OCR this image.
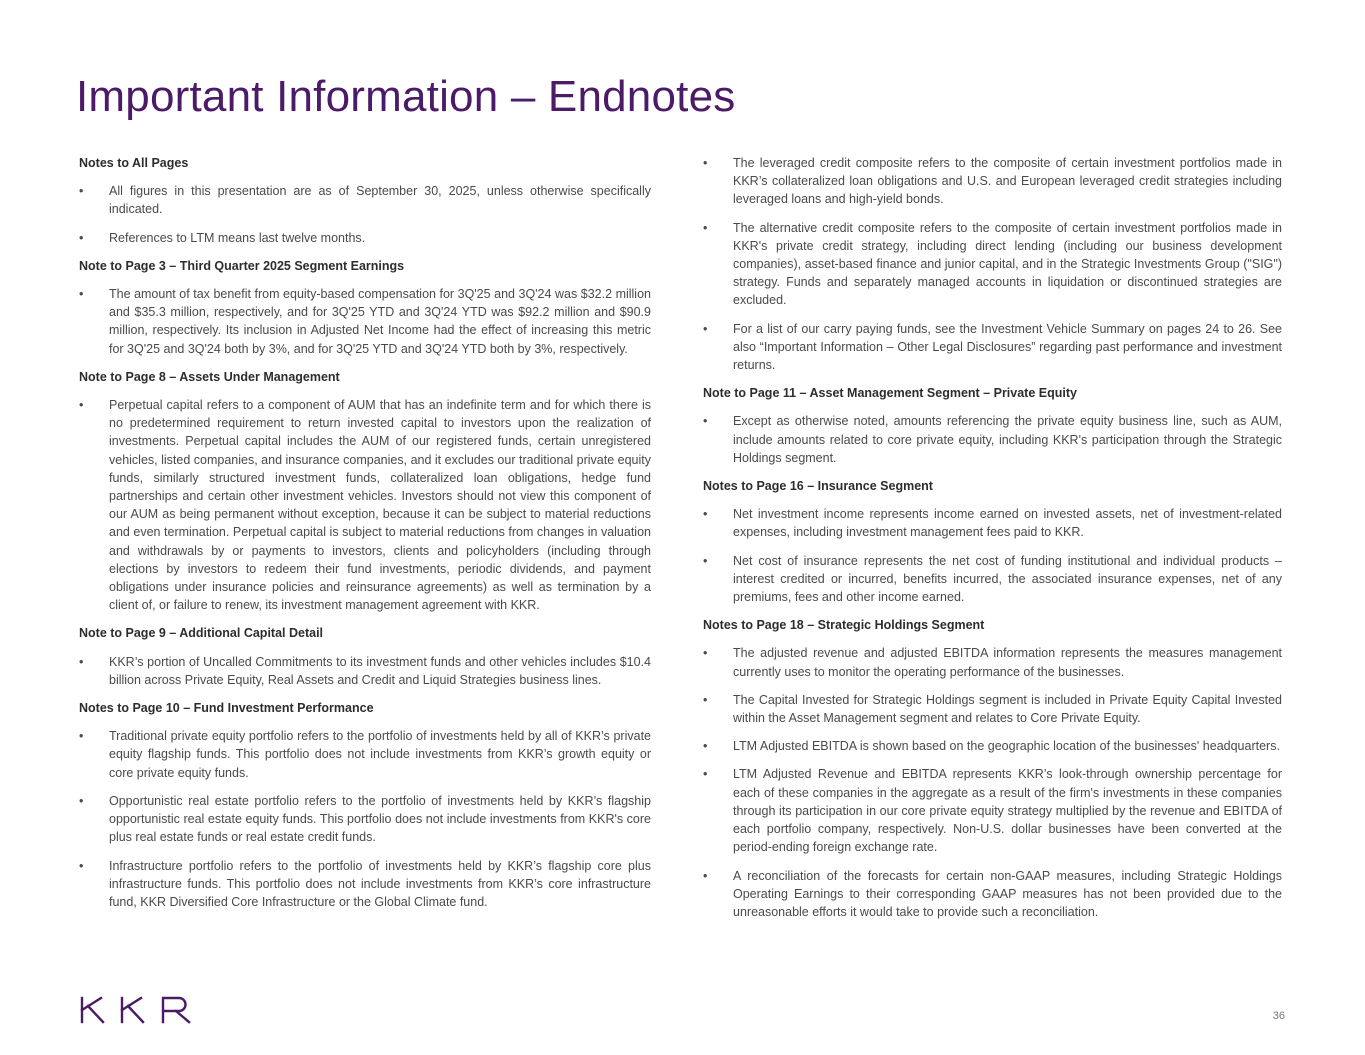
Important Information – Endnotes
Notes to All Pages
•	All figures in this presentation are as of September 30, 2025, unless otherwise specifically indicated.
•	References to LTM means last twelve months.
Note to Page 3 – Third Quarter 2025 Segment Earnings
•	The amount of tax benefit from equity-based compensation for 3Q'25 and 3Q'24 was $32.2 million and $35.3 million, respectively, and for 3Q'25 YTD and 3Q'24 YTD was $92.2 million and $90.9 million, respectively. Its inclusion in Adjusted Net Income had the effect of increasing this metric for 3Q'25 and 3Q'24 both by 3%, and for 3Q'25 YTD and 3Q'24 YTD both by 3%, respectively.
Note to Page 8 – Assets Under Management
•	Perpetual capital refers to a component of AUM that has an indefinite term and for which there is no predetermined requirement to return invested capital to investors upon the realization of investments. Perpetual capital includes the AUM of our registered funds, certain unregistered vehicles, listed companies, and insurance companies, and it excludes our traditional private equity funds, similarly structured investment funds, collateralized loan obligations, hedge fund partnerships and certain other investment vehicles. Investors should not view this component of our AUM as being permanent without exception, because it can be subject to material reductions and even termination. Perpetual capital is subject to material reductions from changes in valuation and withdrawals by or payments to investors, clients and policyholders (including through elections by investors to redeem their fund investments, periodic dividends, and payment obligations under insurance policies and reinsurance agreements) as well as termination by a client of, or failure to renew, its investment management agreement with KKR.
Note to Page 9 – Additional Capital Detail
•	KKR’s portion of Uncalled Commitments to its investment funds and other vehicles includes $10.4 billion across Private Equity, Real Assets and Credit and Liquid Strategies business lines.
Notes to Page 10 – Fund Investment Performance
•	Traditional private equity portfolio refers to the portfolio of investments held by all of KKR’s private equity flagship funds. This portfolio does not include investments from KKR’s growth equity or core private equity funds.
•	Opportunistic real estate portfolio refers to the portfolio of investments held by KKR’s flagship opportunistic real estate equity funds. This portfolio does not include investments from KKR's core plus real estate funds or real estate credit funds.
•	Infrastructure portfolio refers to the portfolio of investments held by KKR’s flagship core plus infrastructure funds. This portfolio does not include investments from KKR’s core infrastructure fund, KKR Diversified Core Infrastructure or the Global Climate fund.
•	The leveraged credit composite refers to the composite of certain investment portfolios made in KKR’s collateralized loan obligations and U.S. and European leveraged credit strategies including leveraged loans and high-yield bonds.
•	The alternative credit composite refers to the composite of certain investment portfolios made in KKR's private credit strategy, including direct lending (including our business development companies), asset-based finance and junior capital, and in the Strategic Investments Group ("SIG") strategy. Funds and separately managed accounts in liquidation or discontinued strategies are excluded.
•	For a list of our carry paying funds, see the Investment Vehicle Summary on pages 24 to 26. See also “Important Information – Other Legal Disclosures” regarding past performance and investment returns.
Note to Page 11 – Asset Management Segment – Private Equity
•	Except as otherwise noted, amounts referencing the private equity business line, such as AUM, include amounts related to core private equity, including KKR's participation through the Strategic Holdings segment.
Notes to Page 16 – Insurance Segment
•	Net investment income represents income earned on invested assets, net of investment-related expenses, including investment management fees paid to KKR.
•	Net cost of insurance represents the net cost of funding institutional and individual products – interest credited or incurred, benefits incurred, the associated insurance expenses, net of any premiums, fees and other income earned.
Notes to Page 18 – Strategic Holdings Segment
•	The adjusted revenue and adjusted EBITDA information represents the measures management currently uses to monitor the operating performance of the businesses.
•	The Capital Invested for Strategic Holdings segment is included in Private Equity Capital Invested within the Asset Management segment and relates to Core Private Equity.
•	LTM Adjusted EBITDA is shown based on the geographic location of the businesses' headquarters.
•	LTM Adjusted Revenue and EBITDA represents KKR’s look-through ownership percentage for each of these companies in the aggregate as a result of the firm's investments in these companies through its participation in our core private equity strategy multiplied by the revenue and EBITDA of each portfolio company, respectively. Non-U.S. dollar businesses have been converted at the period-ending foreign exchange rate.
•	A reconciliation of the forecasts for certain non-GAAP measures, including Strategic Holdings Operating Earnings to their corresponding GAAP measures has not been provided due to the unreasonable efforts it would take to provide such a reconciliation.
36
